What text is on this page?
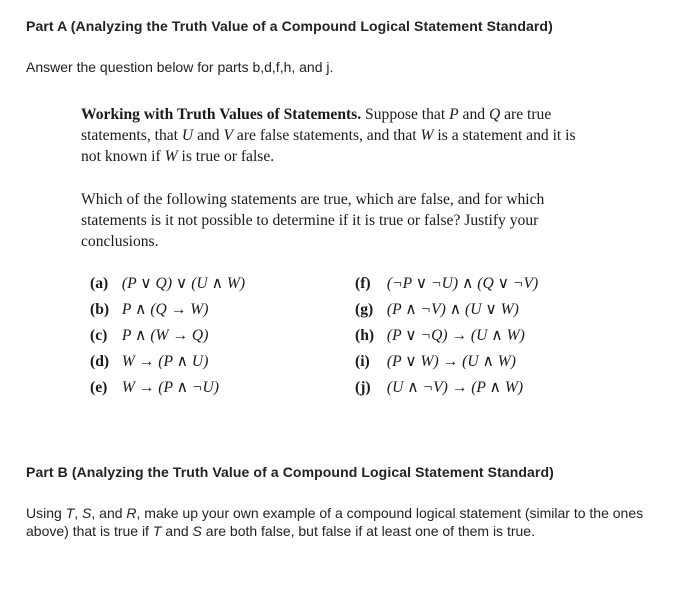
Part A (Analyzing the Truth Value of a Compound Logical Statement Standard)
Answer the question below for parts b,d,f,h, and j.
Working with Truth Values of Statements. Suppose that P and Q are true statements, that U and V are false statements, and that W is a statement and it is not known if W is true or false.
Which of the following statements are true, which are false, and for which statements is it not possible to determine if it is true or false? Justify your conclusions.
(a) (P ∨ Q) ∨ (U ∧ W)
(b) P ∧ (Q → W)
(c) P ∧ (W → Q)
(d) W → (P ∧ U)
(e) W → (P ∧ ¬U)
(f) (¬P ∨ ¬U) ∧ (Q ∨ ¬V)
(g) (P ∧ ¬V) ∧ (U ∨ W)
(h) (P ∨ ¬Q) → (U ∧ W)
(i) (P ∨ W) → (U ∧ W)
(j) (U ∧ ¬V) → (P ∧ W)
Part B (Analyzing the Truth Value of a Compound Logical Statement Standard)
Using T, S, and R, make up your own example of a compound logical statement (similar to the ones above) that is true if T and S are both false, but false if at least one of them is true.
